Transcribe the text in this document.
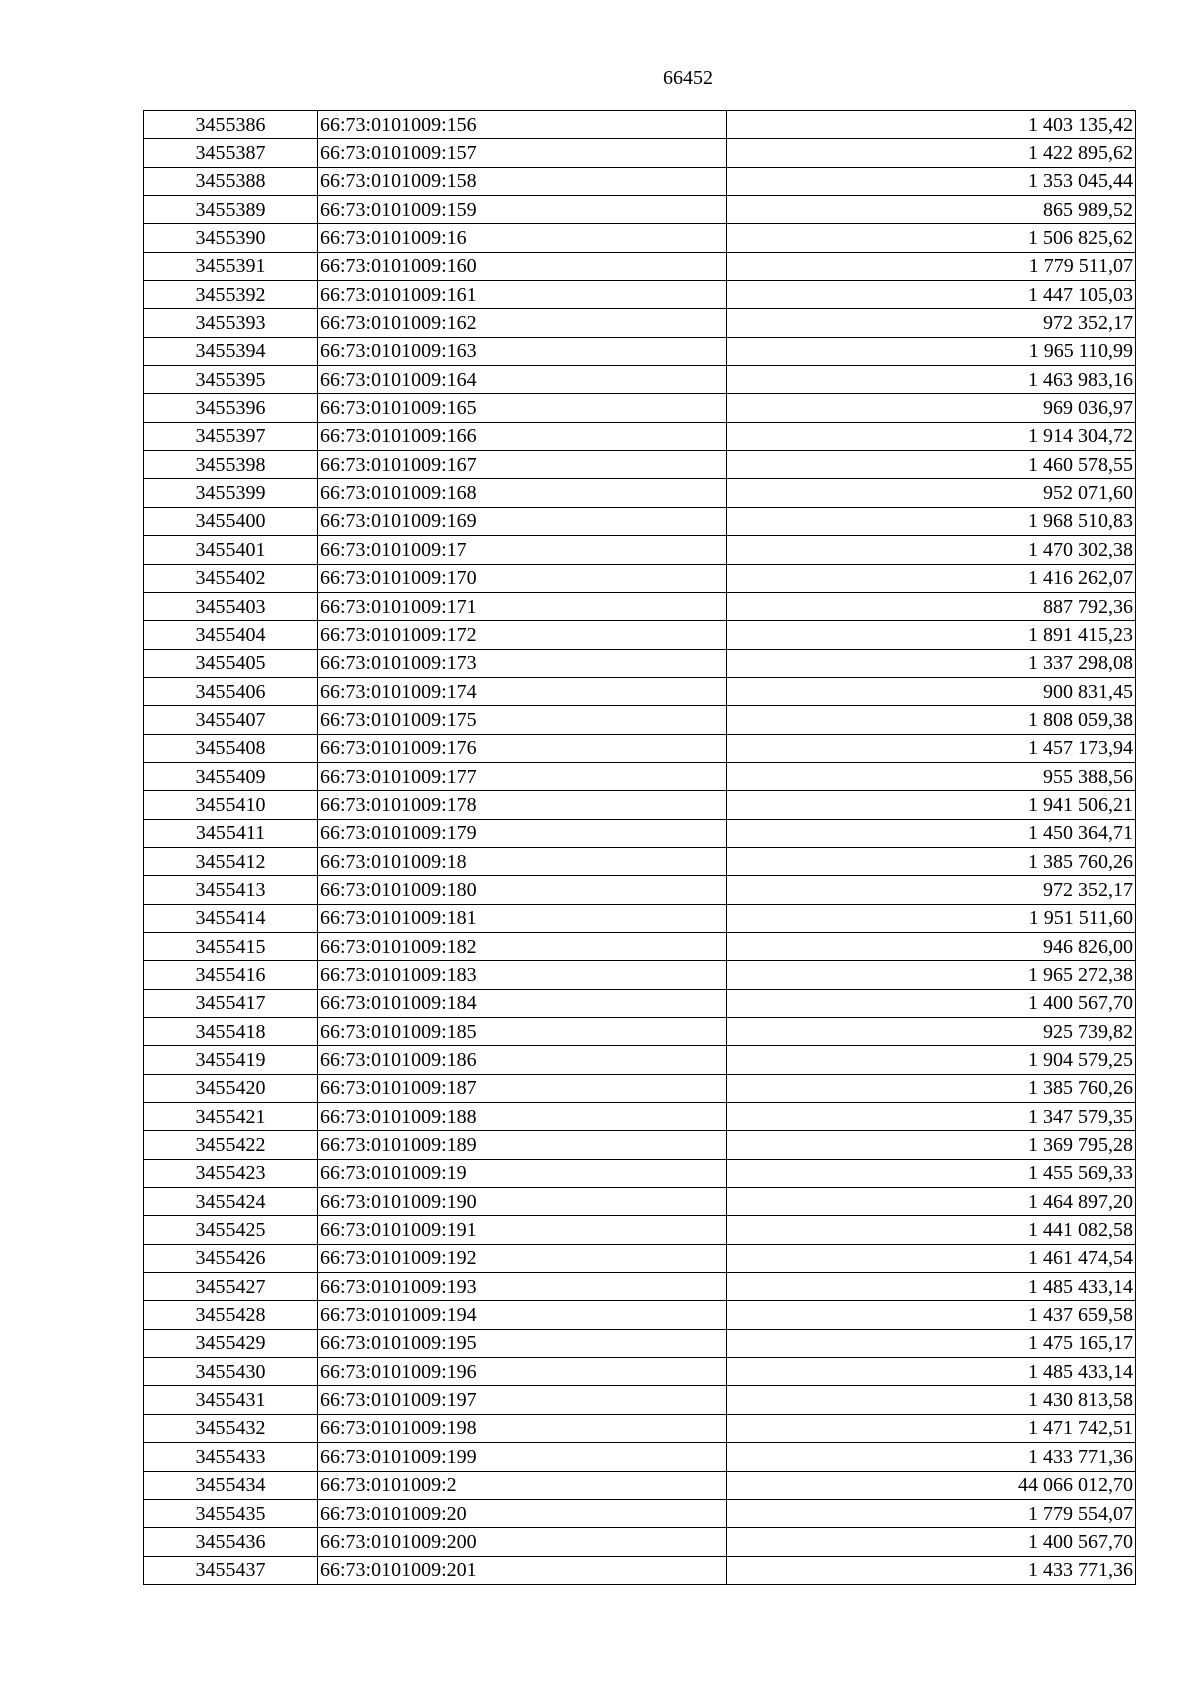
66452
3455386	66:73:0101009:156	1 403 135,42
3455387	66:73:0101009:157	1 422 895,62
3455388	66:73:0101009:158	1 353 045,44
3455389	66:73:0101009:159	865 989,52
3455390	66:73:0101009:16	1 506 825,62
3455391	66:73:0101009:160	1 779 511,07
3455392	66:73:0101009:161	1 447 105,03
3455393	66:73:0101009:162	972 352,17
3455394	66:73:0101009:163	1 965 110,99
3455395	66:73:0101009:164	1 463 983,16
3455396	66:73:0101009:165	969 036,97
3455397	66:73:0101009:166	1 914 304,72
3455398	66:73:0101009:167	1 460 578,55
3455399	66:73:0101009:168	952 071,60
3455400	66:73:0101009:169	1 968 510,83
3455401	66:73:0101009:17	1 470 302,38
3455402	66:73:0101009:170	1 416 262,07
3455403	66:73:0101009:171	887 792,36
3455404	66:73:0101009:172	1 891 415,23
3455405	66:73:0101009:173	1 337 298,08
3455406	66:73:0101009:174	900 831,45
3455407	66:73:0101009:175	1 808 059,38
3455408	66:73:0101009:176	1 457 173,94
3455409	66:73:0101009:177	955 388,56
3455410	66:73:0101009:178	1 941 506,21
3455411	66:73:0101009:179	1 450 364,71
3455412	66:73:0101009:18	1 385 760,26
3455413	66:73:0101009:180	972 352,17
3455414	66:73:0101009:181	1 951 511,60
3455415	66:73:0101009:182	946 826,00
3455416	66:73:0101009:183	1 965 272,38
3455417	66:73:0101009:184	1 400 567,70
3455418	66:73:0101009:185	925 739,82
3455419	66:73:0101009:186	1 904 579,25
3455420	66:73:0101009:187	1 385 760,26
3455421	66:73:0101009:188	1 347 579,35
3455422	66:73:0101009:189	1 369 795,28
3455423	66:73:0101009:19	1 455 569,33
3455424	66:73:0101009:190	1 464 897,20
3455425	66:73:0101009:191	1 441 082,58
3455426	66:73:0101009:192	1 461 474,54
3455427	66:73:0101009:193	1 485 433,14
3455428	66:73:0101009:194	1 437 659,58
3455429	66:73:0101009:195	1 475 165,17
3455430	66:73:0101009:196	1 485 433,14
3455431	66:73:0101009:197	1 430 813,58
3455432	66:73:0101009:198	1 471 742,51
3455433	66:73:0101009:199	1 433 771,36
3455434	66:73:0101009:2	44 066 012,70
3455435	66:73:0101009:20	1 779 554,07
3455436	66:73:0101009:200	1 400 567,70
3455437	66:73:0101009:201	1 433 771,36
